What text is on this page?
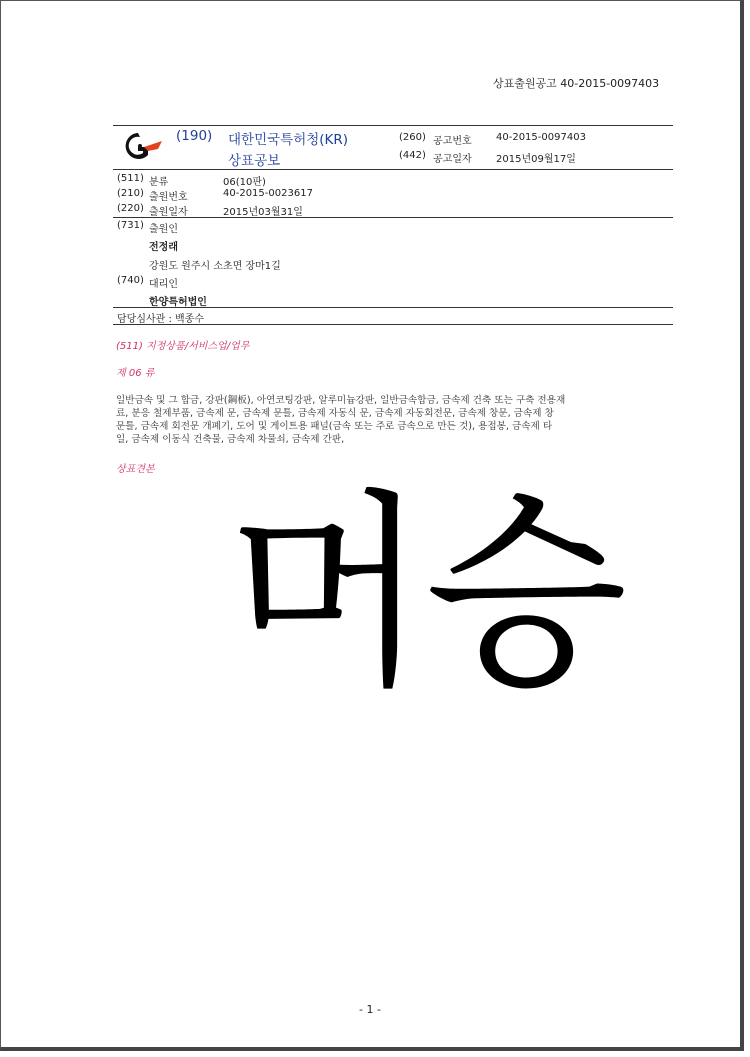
상표출원공고 40-2015-0097403
(190) 대한민국특허청(KR)
상표공보
(260) 공고번호 40-2015-0097403
(442) 공고일자 2015년09월17일
(511) 분류	06(10판)
(210) 출원번호	40-2015-0023617
(220) 출원일자	2015년03월31일
(731) 출원인
전정래
강원도 원주시 소초면 장마1길
(740) 대리인
한양특허법인
담당심사관 : 백종수
(511) 지정상품/서비스업/업무
제 06 류
일반금속 및 그 합금, 강판(鋼板), 아연코팅강판, 알루미늄강판, 일반금속합금, 금속제 건축 또는 구축 전용재
료, 분응 철제부품, 금속제 문, 금속제 문틀, 금속제 자동식 문, 금속제 자동회전문, 금속제 창문, 금속제 창
문틀, 금속제 회전문 개폐기, 도어 및 게이트용 패널(금속 또는 주로 금속으로 만든 것), 용접봉, 금속제 타
일, 금속제 이동식 건축물, 금속제 차물쇠, 금속제 간판,
상표견본
머승
- 1 -
